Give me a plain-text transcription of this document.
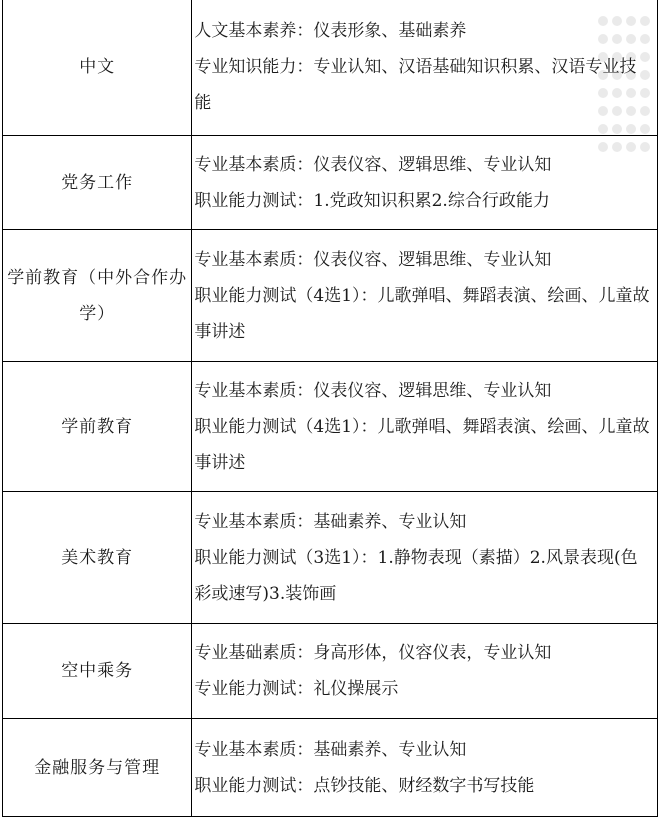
中文	人文基本素养：仪表形象、基础素养
专业知识能力：专业认知、汉语基础知识积累、汉语专业技能

党务工作	专业基本素质：仪表仪容、逻辑思维、专业认知
职业能力测试：1.党政知识积累2.综合行政能力

学前教育（中外合作办学）	专业基本素质：仪表仪容、逻辑思维、专业认知
职业能力测试（4选1）：儿歌弹唱、舞蹈表演、绘画、儿童故事讲述

学前教育	专业基本素质：仪表仪容、逻辑思维、专业认知
职业能力测试（4选1）：儿歌弹唱、舞蹈表演、绘画、儿童故事讲述

美术教育	专业基本素质：基础素养、专业认知
职业能力测试（3选1）：1.静物表现（素描）2.风景表现(色彩或速写)3.装饰画

空中乘务	专业基础素质：身高形体，仪容仪表，专业认知
专业能力测试：礼仪操展示

金融服务与管理	专业基本素质：基础素养、专业认知
职业能力测试：点钞技能、财经数字书写技能
